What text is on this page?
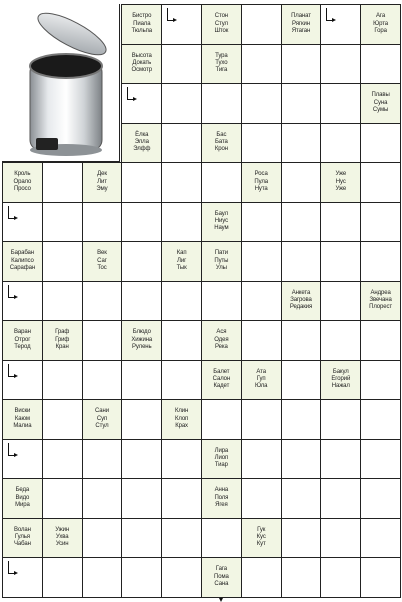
Бистро
Пиала
Тюльпа
Стон
Стул
Шток
Планат
Рягкин
Ятаган
Ага
Юрта
Гора
Высота
Докать
Осмотр
Тура
Тухо
Тига
Плавы
Суна
Сумы
Ёлка
Элла
Элфф
Бас
Бата
Крон
Кроль
Орало
Просо
Дек
Лит
Эму
Роса
Пула
Нута
Уже
Нус
Уже
Баул
Ниус
Наум
Барабан
Калипсо
Сарафан
Век
Саг
Тос
Кап
Лиг
Тык
Пати
Путы
Улы
Анкета
Загрова
Редакия
Андреа
Звечана
Плорест
Варан
Отрог
Терод
Граф
Гриф
Кран
Блюдо
Хижина
Рулень
Ася
Одея
Река
Балет
Салон
Кадет
Ата
Гуп
Юла
Бакул
Егорий
Нажал
Виски
Каюм
Малиа
Сани
Суп
Стул
Клин
Клоп
Крах
Лира
Лиоп
Тиар
Беда
Видо
Мира
Анна
Поля
Ягея
Волан
Гулья
Чабан
Ужин
Ухва
Усин
Гук
Кус
Кут
Гага
Пома
Сана
